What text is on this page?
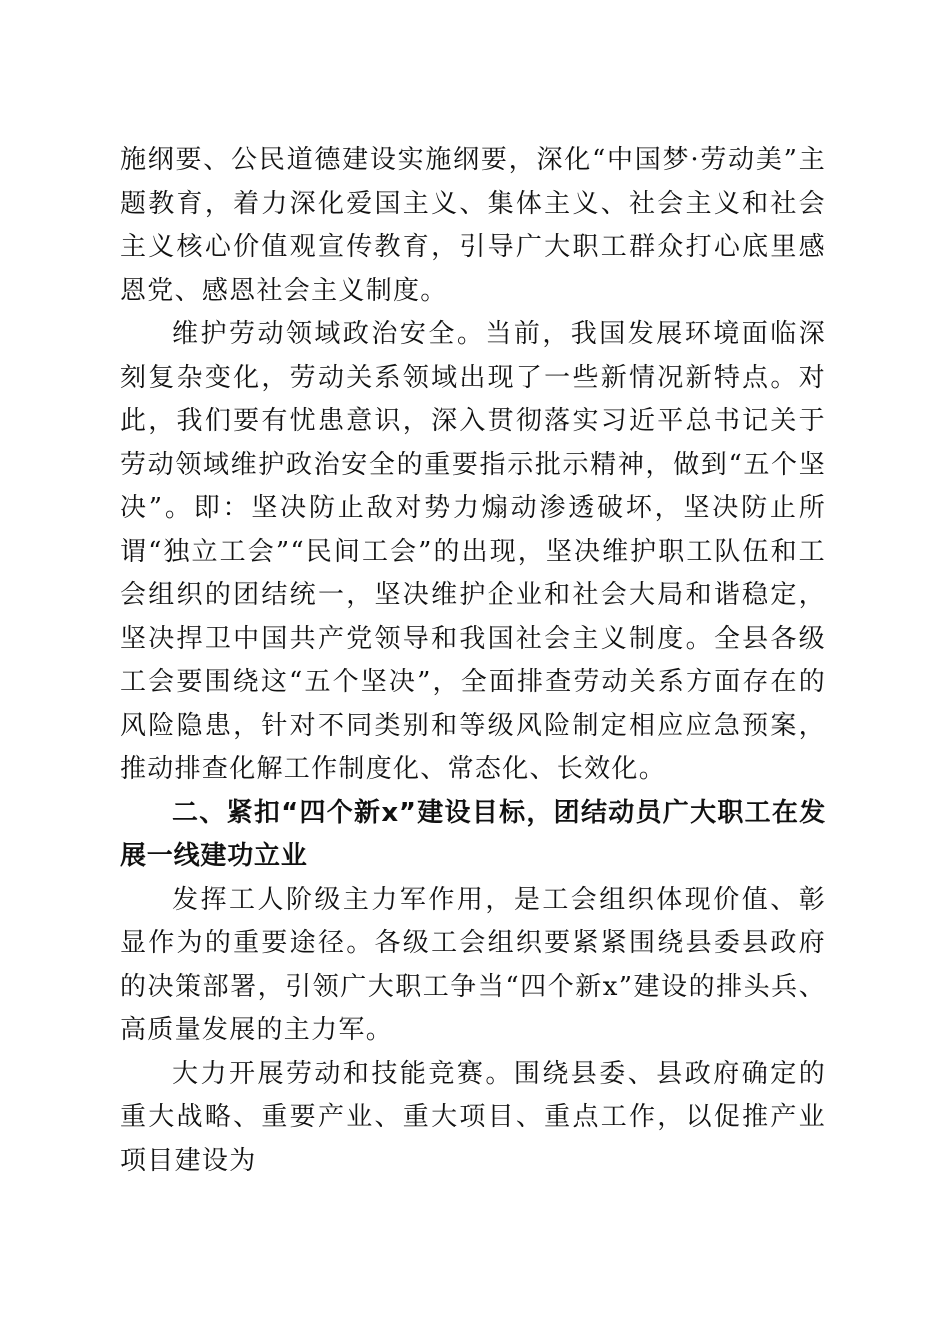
施纲要、公民道德建设实施纲要，深化“中国梦·劳动美”主题教育，着力深化爱国主义、集体主义、社会主义和社会主义核心价值观宣传教育，引导广大职工群众打心底里感恩党、感恩社会主义制度。

维护劳动领域政治安全。当前，我国发展环境面临深刻复杂变化，劳动关系领域出现了一些新情况新特点。对此，我们要有忧患意识，深入贯彻落实习近平总书记关于劳动领域维护政治安全的重要指示批示精神，做到“五个坚决”。即：坚决防止敌对势力煽动渗透破坏，坚决防止所谓“独立工会”“民间工会”的出现，坚决维护职工队伍和工会组织的团结统一，坚决维护企业和社会大局和谐稳定，坚决捍卫中国共产党领导和我国社会主义制度。全县各级工会要围绕这“五个坚决”，全面排查劳动关系方面存在的风险隐患，针对不同类别和等级风险制定相应应急预案，推动排查化解工作制度化、常态化、长效化。

二、紧扣“四个新x”建设目标，团结动员广大职工在发展一线建功立业

发挥工人阶级主力军作用，是工会组织体现价值、彰显作为的重要途径。各级工会组织要紧紧围绕县委县政府的决策部署，引领广大职工争当“四个新x”建设的排头兵、高质量发展的主力军。

大力开展劳动和技能竞赛。围绕县委、县政府确定的重大战略、重要产业、重大项目、重点工作，以促推产业项目建设为
